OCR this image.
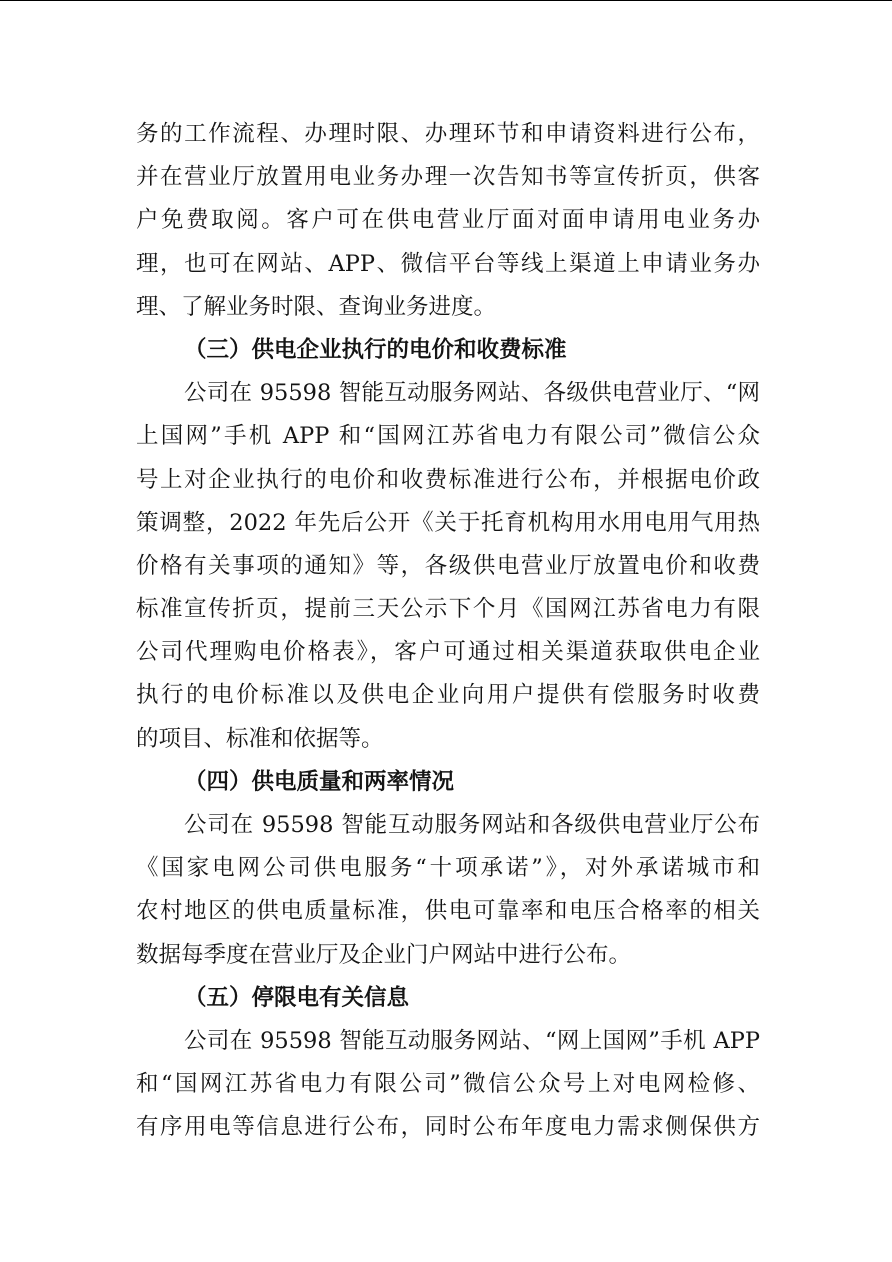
务的工作流程、办理时限、办理环节和申请资料进行公布，
并在营业厅放置用电业务办理一次告知书等宣传折页，供客
户免费取阅。客户可在供电营业厅面对面申请用电业务办
理，也可在网站、APP、微信平台等线上渠道上申请业务办
理、了解业务时限、查询业务进度。
（三）供电企业执行的电价和收费标准
公司在 95598 智能互动服务网站、各级供电营业厅、“网
上国网”手机 APP 和“国网江苏省电力有限公司”微信公众
号上对企业执行的电价和收费标准进行公布，并根据电价政
策调整，2022 年先后公开《关于托育机构用水用电用气用热
价格有关事项的通知》等，各级供电营业厅放置电价和收费
标准宣传折页，提前三天公示下个月《国网江苏省电力有限
公司代理购电价格表》，客户可通过相关渠道获取供电企业
执行的电价标准以及供电企业向用户提供有偿服务时收费
的项目、标准和依据等。
（四）供电质量和两率情况
公司在 95598 智能互动服务网站和各级供电营业厅公布
《国家电网公司供电服务“十项承诺”》，对外承诺城市和
农村地区的供电质量标准，供电可靠率和电压合格率的相关
数据每季度在营业厅及企业门户网站中进行公布。
（五）停限电有关信息
公司在 95598 智能互动服务网站、“网上国网”手机 APP
和“国网江苏省电力有限公司”微信公众号上对电网检修、
有序用电等信息进行公布，同时公布年度电力需求侧保供方
